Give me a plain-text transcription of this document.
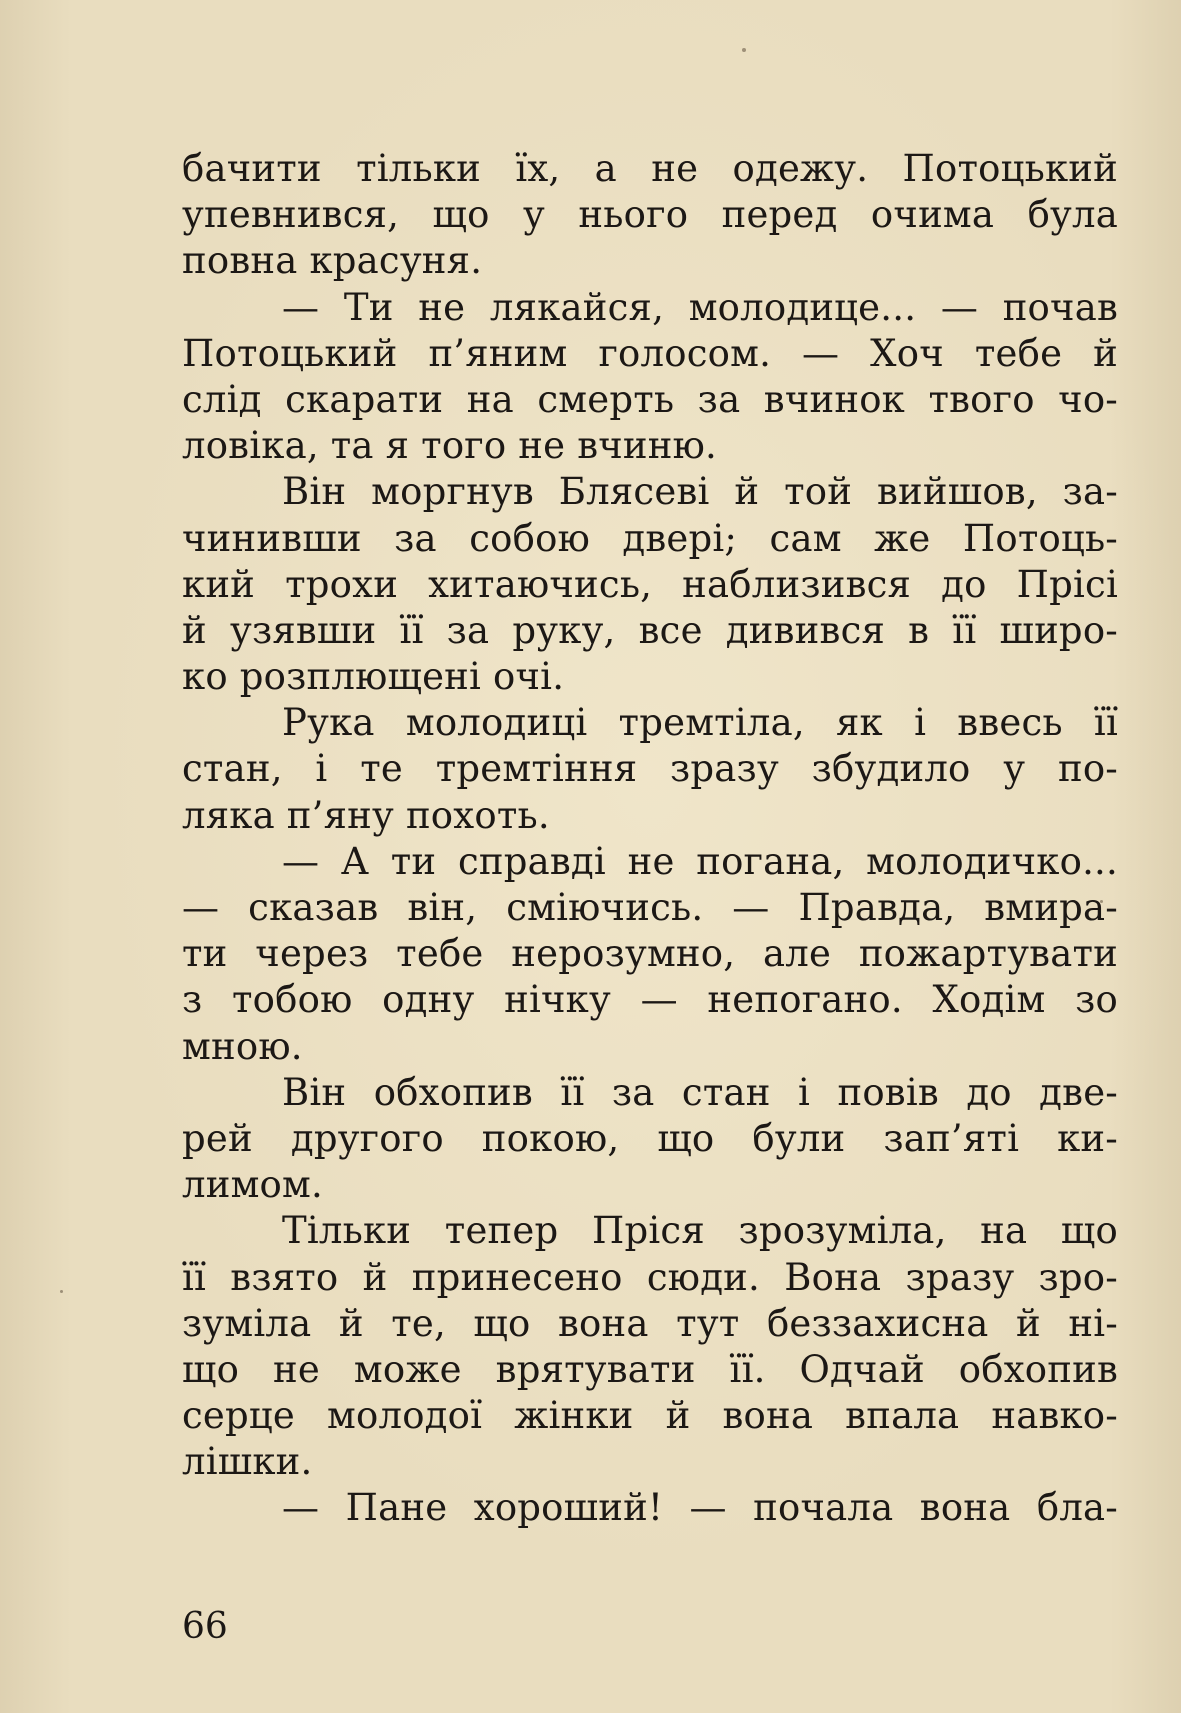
бачити тільки їх, а не одежу. Потоцький
упевнився, що у нього перед очима була
повна красуня.
— Ти не лякайся, молодице... — почав
Потоцький п’яним голосом. — Хоч тебе й
слід скарати на смерть за вчинок твого чо-
ловіка, та я того не вчиню.
Він моргнув Блясеві й той вийшов, за-
чинивши за собою двері; сам же Потоць-
кий трохи хитаючись, наблизився до Прісі
й узявши її за руку, все дивився в її широ-
ко розплющені очі.
Рука молодиці тремтіла, як і ввесь її
стан, і те тремтіння зразу збудило у по-
ляка п’яну похоть.
— А ти справді не погана, молодичко...
— сказав він, сміючись. — Правда, вмира-
ти через тебе нерозумно, але пожартувати
з тобою одну нічку — непогано. Ходім зо
мною.
Він обхопив її за стан і повів до две-
рей другого покою, що були зап’яті ки-
лимом.
Тільки тепер Пріся зрозуміла, на що
її взято й принесено сюди. Вона зразу зро-
зуміла й те, що вона тут беззахисна й ні-
що не може врятувати її. Одчай обхопив
серце молодої жінки й вона впала навко-
лішки.
— Пане хороший! — почала вона бла-
66
